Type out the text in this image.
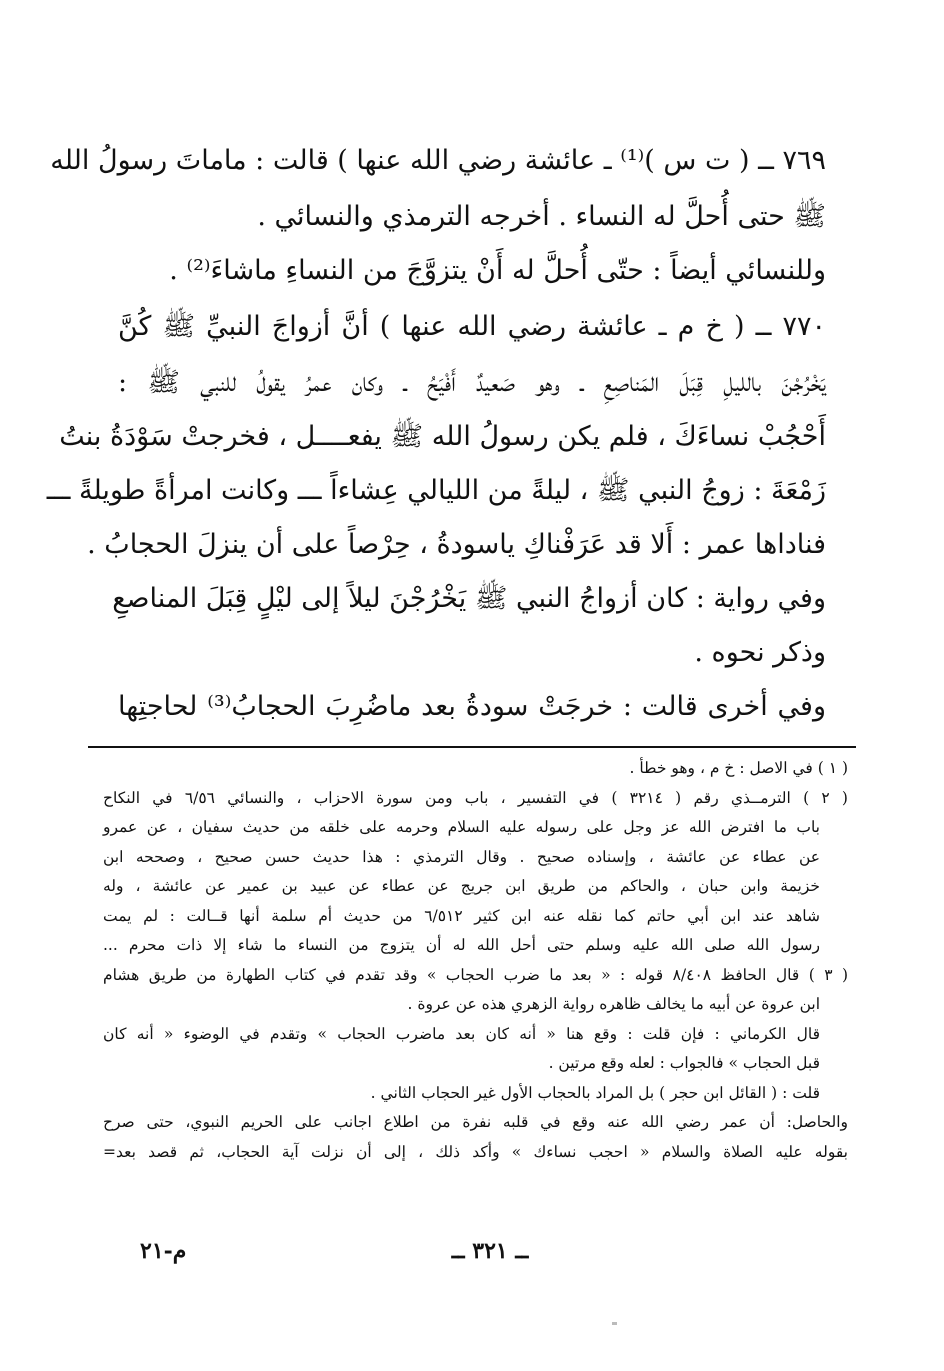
٧٦٩ ــ ( ت س )⁽¹⁾ ـ عائشة رضي الله عنها ) قالت : ماماتَ رسولُ الله
ﷺ حتى أُحلَّ له النساء . أخرجه الترمذي والنسائي .
وللنسائي أيضاً : حتّى أُحلَّ له أَنْ يتزوَّجَ من النساءِ ماشاءَ⁽²⁾ .
٧٧٠ ــ ( خ م ـ عائشة رضي الله عنها ) أنَّ أزواجَ النبيِّ ﷺ كُنَّ
يَخْرُجْنَ بالليلِ قِبَلَ المَناصِعِ ـ وهو صَعيدٌ أَفْيَحُ ـ وكان عمرُ يقولُ للنبي ﷺ :
أَحْجُبْ نساءَكَ ، فلم يكن رسولُ الله ﷺ يفعــــل ، فخرجتْ سَوْدَةُ بنتُ
زَمْعَةَ : زوجُ النبي ﷺ ، ليلةً من الليالي عِشاءاً ـــ وكانت امرأةً طويلةً ـــ
فناداها عمر : أَلا قد عَرَفْناكِ ياسودةُ ، حِرْصاً على أن ينزلَ الحجابُ .
وفي رواية : كان أزواجُ النبي ﷺ يَخْرُجْنَ ليلاً إلى ليْلٍ قِبَلَ المناصعِ
وذكر نحوه .
وفي أخرى قالت : خرجَتْ سودةُ بعد ماضُرِبَ الحجابُ⁽³⁾ لحاجتِها
( ١ ) في الاصل : خ م ، وهو خطأ .
( ٢ ) الترمــذي رقم ( ٣٢١٤ ) في التفسير ، باب ومن سورة الاحزاب ، والنسائي ٦/٥٦ في النكاح
باب ما افترض الله عز وجل على رسوله عليه السلام وحرمه على خلقه من حديث سفيان ، عن عمرو
عن عطاء عن عائشة ، وإسناده صحيح . وقال الترمذي : هذا حديث حسن صحيح ، وصححه ابن
خزيمة وابن حبان ، والحاكم من طريق ابن جريج عن عطاء عن عبيد بن عمير عن عائشة ، وله
شاهد عند ابن أبي حاتم كما نقله عنه ابن كثير ٦/٥١٢ من حديث أم سلمة أنها قــالت : لم يمت
رسول الله صلى الله عليه وسلم حتى أحل الله له أن يتزوج من النساء ما شاء إلا ذات محرم ...
( ٣ ) قال الحافظ ٨/٤٠٨ قوله : « بعد ما ضرب الحجاب » وقد تقدم في كتاب الطهارة من طريق هشام
ابن عروة عن أبيه ما يخالف ظاهره رواية الزهري هذه عن عروة .
قال الكرماني : فإن قلت : وقع هنا « أنه كان بعد ماضرب الحجاب » وتقدم في الوضوء « أنه كان
قبل الحجاب » فالجواب : لعله وقع مرتين .
قلت : ( القائل ابن حجر ) بل المراد بالحجاب الأول غير الحجاب الثاني .
والحاصل: أن عمر رضي الله عنه وقع في قلبه نفرة من اطلاع اجانب على الحريم النبوي، حتى صرح
بقوله عليه الصلاة والسلام « احجب نساءك » وأكد ذلك ، إلى أن نزلت آية الحجاب، ثم قصد بعد=
ــ ٣٢١ ــ
م-٢١
